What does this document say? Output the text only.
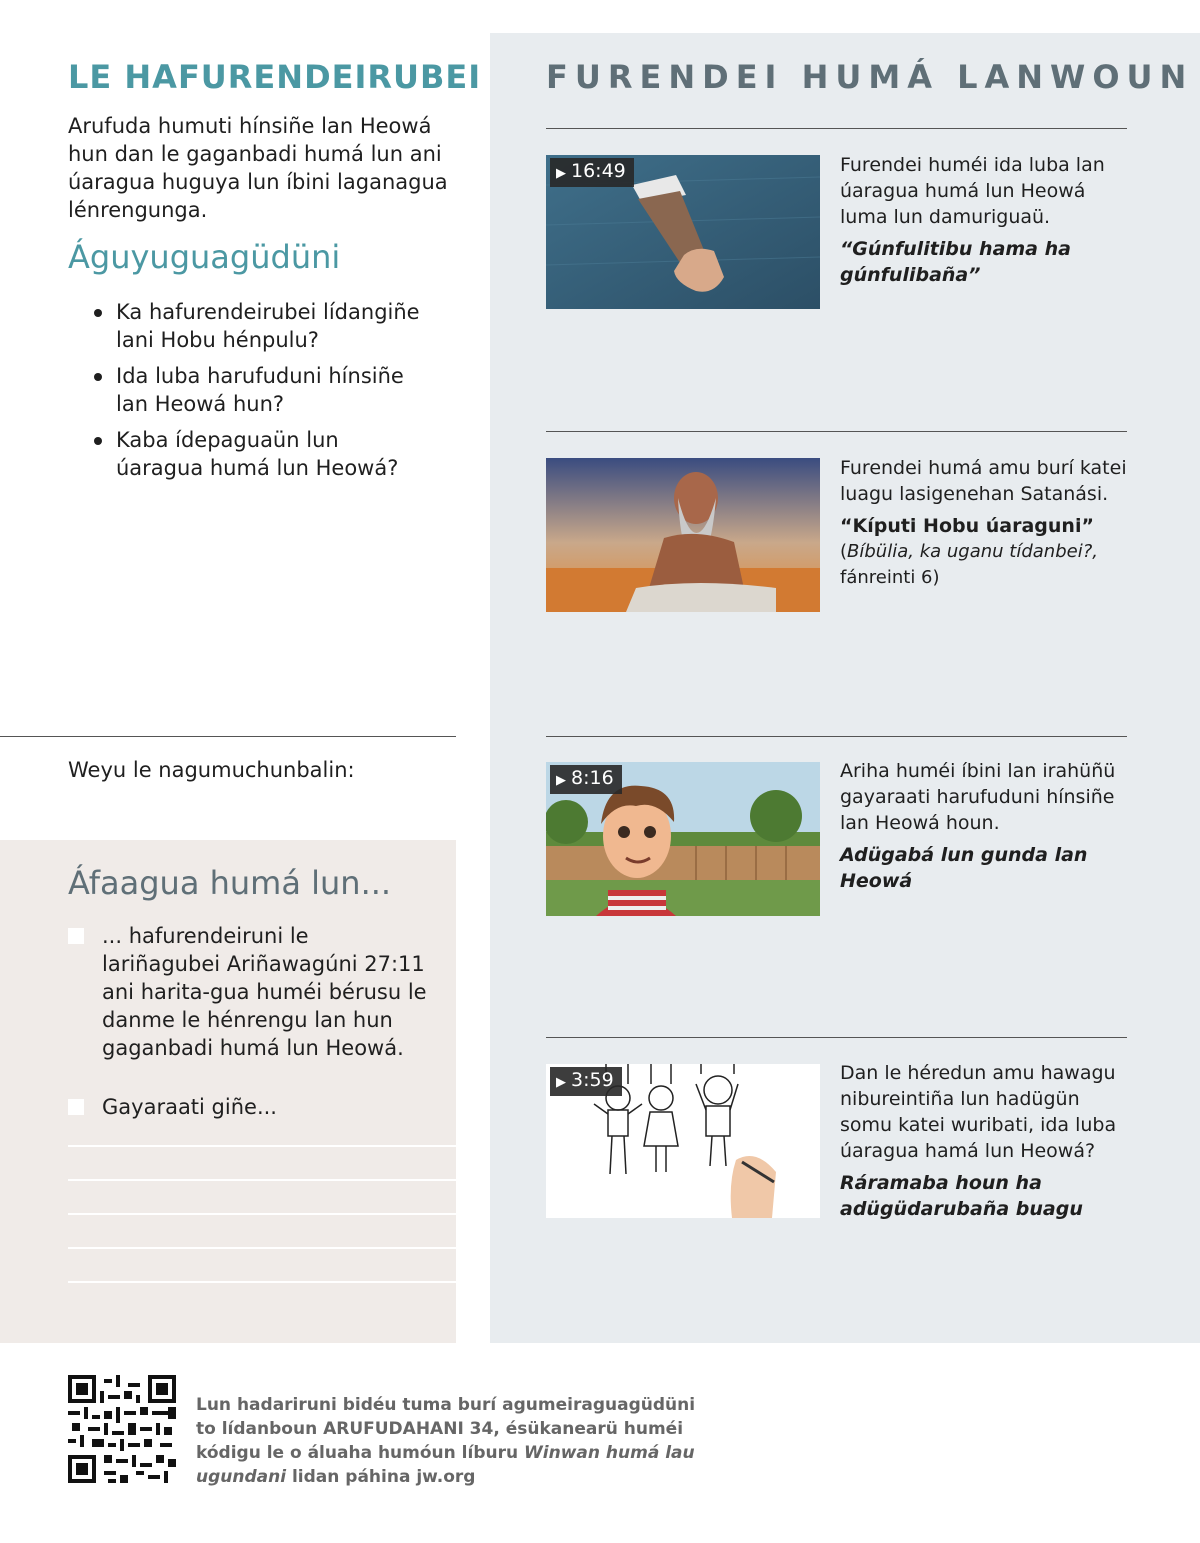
LE HAFURENDEIRUBEI

Arufuda humuti hínsiñe lan Heowá hun dan le gaganbadi humá lun ani úaragua huguya lun íbini laganagua lénrengunga.

Águyuguagüdüni
Ka hafurendeirubei lídangiñe lani Hobu hénpulu?
Ida luba harufuduni hínsiñe lan Heowá hun?
Kaba ídераguaün lun úaragua humá lun Heowá?
Weyu le nagumuchunbalin:
Áfaagua humá lun...
... hafurendeiruni le lariñagubei Ariñawagúni 27:11 ani harita-gua huméi bérusu le danme le hénrengu lan hun gaganbadi humá lun Heowá.
Gayaraati giñe...
FURENDEI HUMÁ LANWOUN
▶ 16:49	Furendei huméi ida luba lan úaragua humá lun Heowá luma lun damuriguaü.

“Gúnfulitibu hama ha gúnfulibaña”

Furendei humá amu burí katei luagu lasigenehan Satanási.

“Kíputi Hobu úaraguni”

(Bíbülia, ka uganu tídanbei?,
fánreinti 6)

▶ 8:16	Ariha huméi íbini lan irahüñü gayaraati harufuduni hínsiñe lan Heowá houn.

Adügabá lun gunda lan Heowá

▶ 3:59	Dan le héredun amu hawagu nibureintiña lun hadügün somu katei wuribati, ida luba úaragua hamá lun Heowá?

Ráramaba houn ha adügüdarubaña buagu

Lun hadariruni bidéu tuma burí agumeiraguagüdüni to lídanboun ARUFUDAHANI 34, ésükanearü huméi kódigu le o áluaha humóun líburu Winwan humá lau ugundani lidan páhina jw.org
